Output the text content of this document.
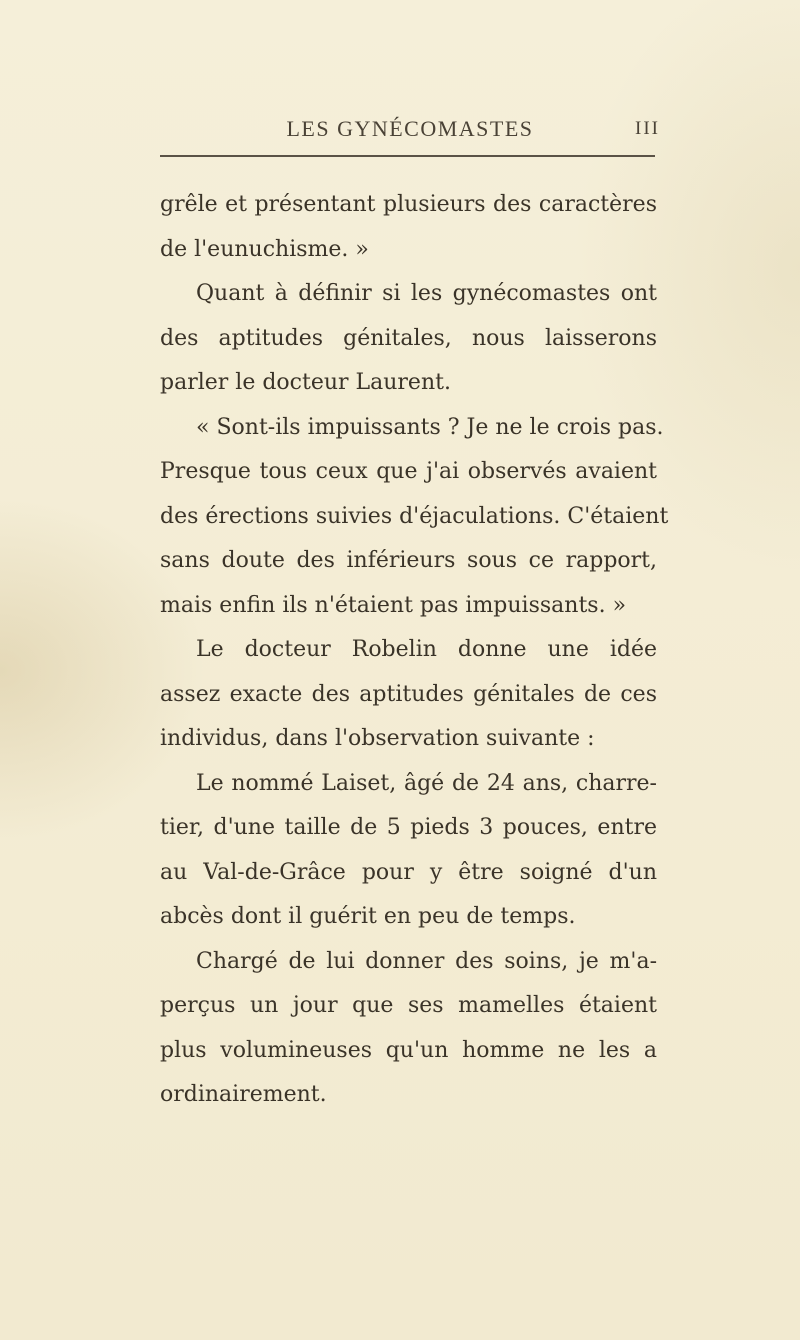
LES GYNÉCOMASTES	III
grêle et présentant plusieurs des caractères
de l'eunuchisme. »
Quant à définir si les gynécomastes ont
des aptitudes génitales, nous laisserons
parler le docteur Laurent.
« Sont-ils impuissants ? Je ne le crois pas.
Presque tous ceux que j'ai observés avaient
des érections suivies d'éjaculations. C'étaient
sans doute des inférieurs sous ce rapport,
mais enfin ils n'étaient pas impuissants. »
Le docteur Robelin donne une idée
assez exacte des aptitudes génitales de ces
individus, dans l'observation suivante :
Le nommé Laiset, âgé de 24 ans, charre-
tier, d'une taille de 5 pieds 3 pouces, entre
au Val-de-Grâce pour y être soigné d'un
abcès dont il guérit en peu de temps.
Chargé de lui donner des soins, je m'a-
perçus un jour que ses mamelles étaient
plus volumineuses qu'un homme ne les a
ordinairement.
